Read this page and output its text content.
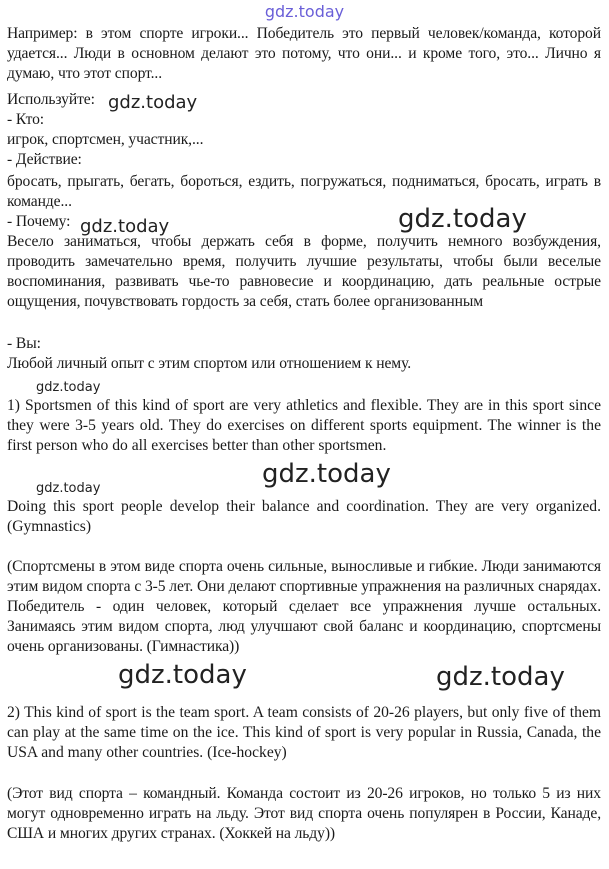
gdz.today
Например: в этом спорте игроки... Победитель это первый человек/команда, которой удается... Люди в основном делают это потому, что они... и кроме того, это... Лично я думаю, что этот спорт...
Используйте:
- Кто:
игрок, спортсмен, участник,...
- Действие:
бросать, прыгать, бегать, бороться, ездить, погружаться, подниматься, бросать, играть в команде...
- Почему:
Весело заниматься, чтобы держать себя в форме, получить немного возбуждения, проводить замечательно время, получить лучшие результаты, чтобы были веселые воспоминания, развивать чье-то равновесие и координацию, дать реальные острые ощущения, почувствовать гордость за себя, стать более организованным
- Вы:
Любой личный опыт с этим спортом или отношением к нему.
1) Sportsmen of this kind of sport are very athletics and flexible. They are in this sport since they were 3-5 years old. They do exercises on different sports equipment. The winner is the first person who do all exercises better than other sportsmen.
Doing this sport people develop their balance and coordination. They are very organized. (Gymnastics)
(Спортсмены в этом виде спорта очень сильные, выносливые и гибкие. Люди занимаются этим видом спорта с 3-5 лет. Они делают спортивные упражнения на различных снарядах. Победитель - один человек, который сделает все упражнения лучше остальных. Занимаясь этим видом спорта, люд улучшают свой баланс и координацию, спортсмены очень организованы. (Гимнастика))
2) This kind of sport is the team sport. A team consists of 20-26 players, but only five of them can play at the same time on the ice. This kind of sport is very popular in Russia, Canada, the USA and many other countries. (Ice-hockey)
(Этот вид спорта – командный. Команда состоит из 20-26 игроков, но только 5 из них могут одновременно играть на льду. Этот вид спорта очень популярен в России, Канаде, США и многих других странах. (Хоккей на льду))
gdz.today
gdz.today	gdz.today
gdz.today
gdz.today
gdz.today
gdz.today	gdz.today
